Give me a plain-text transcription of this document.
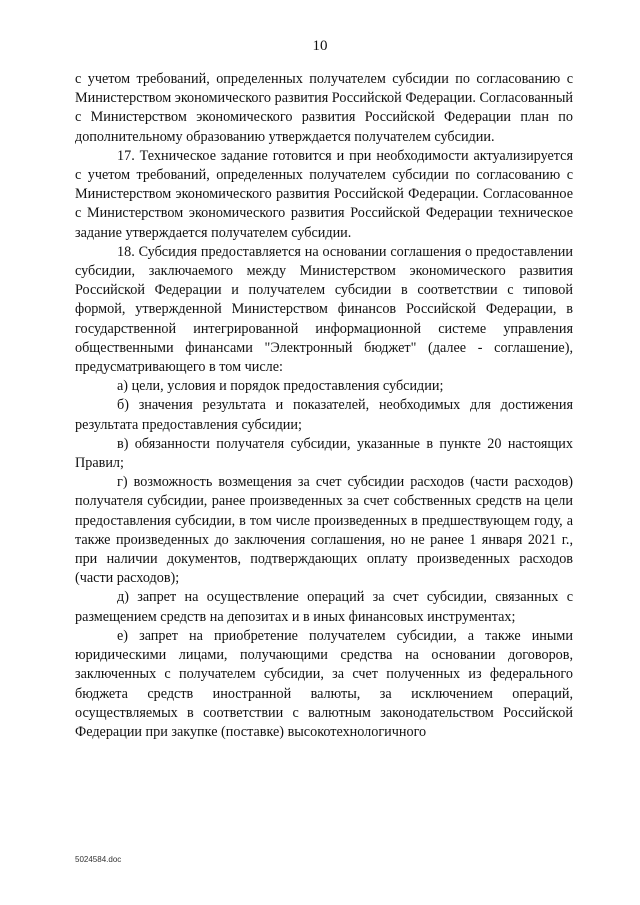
10

с учетом требований, определенных получателем субсидии по согласованию с Министерством экономического развития Российской Федерации. Согласованный с Министерством экономического развития Российской Федерации план по дополнительному образованию утверждается получателем субсидии.

17. Техническое задание готовится и при необходимости актуализируется с учетом требований, определенных получателем субсидии по согласованию с Министерством экономического развития Российской Федерации. Согласованное с Министерством экономического развития Российской Федерации техническое задание утверждается получателем субсидии.

18. Субсидия предоставляется на основании соглашения о предоставлении субсидии, заключаемого между Министерством экономического развития Российской Федерации и получателем субсидии в соответствии с типовой формой, утвержденной Министерством финансов Российской Федерации, в государственной интегрированной информационной системе управления общественными финансами "Электронный бюджет" (далее - соглашение), предусматривающего в том числе:

а) цели, условия и порядок предоставления субсидии;

б) значения результата и показателей, необходимых для достижения результата предоставления субсидии;

в) обязанности получателя субсидии, указанные в пункте 20 настоящих Правил;

г) возможность возмещения за счет субсидии расходов (части расходов) получателя субсидии, ранее произведенных за счет собственных средств на цели предоставления субсидии, в том числе произведенных в предшествующем году, а также произведенных до заключения соглашения, но не ранее 1 января 2021 г., при наличии документов, подтверждающих оплату произведенных расходов (части расходов);

д) запрет на осуществление операций за счет субсидии, связанных с размещением средств на депозитах и в иных финансовых инструментах;

е) запрет на приобретение получателем субсидии, а также иными юридическими лицами, получающими средства на основании договоров, заключенных с получателем субсидии, за счет полученных из федерального бюджета средств иностранной валюты, за исключением операций, осуществляемых в соответствии с валютным законодательством Российской Федерации при закупке (поставке) высокотехнологичного

5024584.doc
